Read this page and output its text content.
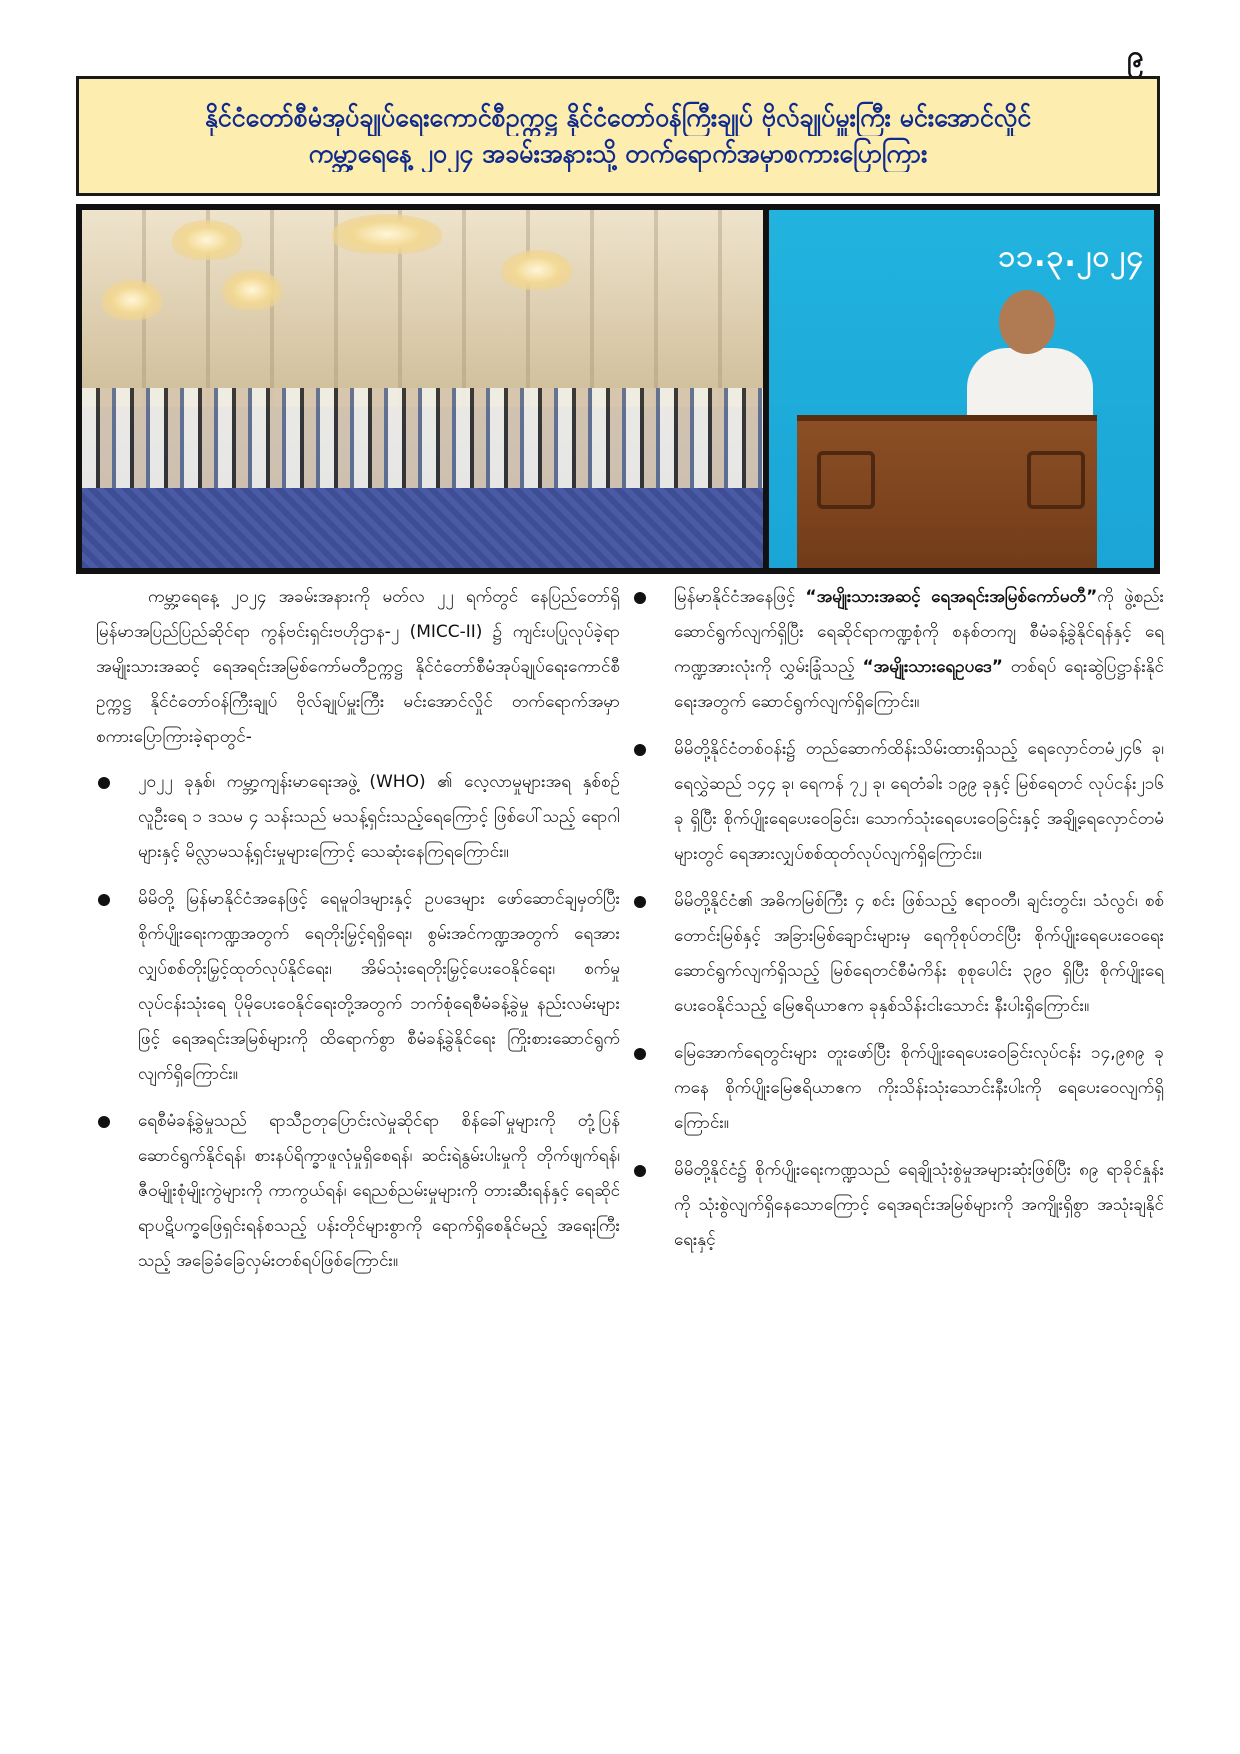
၉
နိုင်ငံတော်စီမံအုပ်ချုပ်ရေးကောင်စီဥက္ကဋ္ဌ နိုင်ငံတော်ဝန်ကြီးချုပ် ဗိုလ်ချုပ်မှူးကြီး မင်းအောင်လှိုင်
ကမ္ဘာ့ရေနေ့ ၂၀၂၄ အခမ်းအနားသို့ တက်ရောက်အမှာစကားပြောကြား
၁၁.၃.၂၀၂၄

ကမ္ဘာ့ရေနေ့ ၂၀၂၄ အခမ်းအနားကို မတ်လ ၂၂ ရက်တွင် နေပြည်တော်ရှိ မြန်မာအပြည်ပြည်ဆိုင်ရာ ကွန်ဗင်းရှင်းဗဟိုဌာန-၂ (MICC-II) ၌ ကျင်းပပြုလုပ်ခဲ့ရာ အမျိုးသားအဆင့် ရေအရင်းအမြစ်ကော်မတီဥက္ကဋ္ဌ နိုင်ငံတော်စီမံအုပ်ချုပ်ရေးကောင်စီဥက္ကဋ္ဌ နိုင်ငံတော်ဝန်ကြီးချုပ် ဗိုလ်ချုပ်မှူးကြီး မင်းအောင်လှိုင် တက်ရောက်အမှာစကားပြောကြားခဲ့ရာတွင်-

၂၀၂၂ ခုနှစ်၊ ကမ္ဘာ့ကျန်းမာရေးအဖွဲ့ (WHO) ၏ လေ့လာမှုများအရ နှစ်စဉ်လူဦးရေ ၁ ဒသမ ၄ သန်းသည် မသန့်ရှင်းသည့်ရေကြောင့် ဖြစ်ပေါ်သည့် ရောဂါများနှင့် မိလ္လာမသန့်ရှင်းမှုများကြောင့် သေဆုံးနေကြရကြောင်း။
မိမိတို့ မြန်မာနိုင်ငံအနေဖြင့် ရေမူဝါဒများနှင့် ဥပဒေများ ဖော်ဆောင်ချမှတ်ပြီး စိုက်ပျိုးရေးကဏ္ဍအတွက် ရေတိုးမြှင့်ရရှိရေး၊ စွမ်းအင်ကဏ္ဍအတွက် ရေအားလျှပ်စစ်တိုးမြှင့်ထုတ်လုပ်နိုင်ရေး၊ အိမ်သုံးရေတိုးမြှင့်ပေးဝေနိုင်ရေး၊ စက်မှုလုပ်ငန်းသုံးရေ ပိုမိုပေးဝေနိုင်ရေးတို့အတွက် ဘက်စုံရေစီမံခန့်ခွဲမှု နည်းလမ်းများဖြင့် ရေအရင်းအမြစ်များကို ထိရောက်စွာ စီမံခန့်ခွဲနိုင်ရေး ကြိုးစားဆောင်ရွက်လျက်ရှိကြောင်း။
ရေစီမံခန့်ခွဲမှုသည် ရာသီဥတုပြောင်းလဲမှုဆိုင်ရာ စိန်ခေါ်မှုများကို တုံ့ပြန်ဆောင်ရွက်နိုင်ရန်၊ စားနပ်ရိက္ခာဖူလုံမှုရှိစေရန်၊ ဆင်းရဲနွမ်းပါးမှုကို တိုက်ဖျက်ရန်၊ ဇီဝမျိုးစုံမျိုးကွဲများကို ကာကွယ်ရန်၊ ရေညစ်ညမ်းမှုများကို တားဆီးရန်နှင့် ရေဆိုင်ရာပဋိပက္ခဖြေရှင်းရန်စသည့် ပန်းတိုင်များစွာကို ရောက်ရှိစေနိုင်မည့် အရေးကြီးသည့် အခြေခံခြေလှမ်းတစ်ရပ်ဖြစ်ကြောင်း။
မြန်မာနိုင်ငံအနေဖြင့် “အမျိုးသားအဆင့် ရေအရင်းအမြစ်ကော်မတီ”ကို ဖွဲ့စည်းဆောင်ရွက်လျက်ရှိပြီး ရေဆိုင်ရာကဏ္ဍစုံကို စနစ်တကျ စီမံခန့်ခွဲနိုင်ရန်နှင့် ရေကဏ္ဍအားလုံးကို လွှမ်းခြုံသည့် “အမျိုးသားရေဥပဒေ” တစ်ရပ် ရေးဆွဲပြဋ္ဌာန်းနိုင်ရေးအတွက် ဆောင်ရွက်လျက်ရှိကြောင်း။
မိမိတို့နိုင်ငံတစ်ဝန်း၌ တည်ဆောက်ထိန်းသိမ်းထားရှိသည့် ရေလှောင်တမံ၂၄၆ ခု၊ ရေလွှဲဆည် ၁၄၄ ခု၊ ရေကန် ၇၂ ခု၊ ရေတံခါး ၁၉၉ ခုနှင့် မြစ်ရေတင် လုပ်ငန်း၂၁၆ ခု ရှိပြီး စိုက်ပျိုးရေပေးဝေခြင်း၊ သောက်သုံးရေပေးဝေခြင်းနှင့် အချို့ရေလှောင်တမံများတွင် ရေအားလျှပ်စစ်ထုတ်လုပ်လျက်ရှိကြောင်း။
မိမိတို့နိုင်ငံ၏ အဓိကမြစ်ကြီး ၄ စင်း ဖြစ်သည့် ဧရာဝတီ၊ ချင်းတွင်း၊ သံလွင်၊ စစ်တောင်းမြစ်နှင့် အခြားမြစ်ချောင်းများမှ ရေကိုစုပ်တင်ပြီး စိုက်ပျိုးရေပေးဝေရေး ဆောင်ရွက်လျက်ရှိသည့် မြစ်ရေတင်စီမံကိန်း စုစုပေါင်း ၃၉၀ ရှိပြီး စိုက်ပျိုးရေ ပေးဝေနိုင်သည့် မြေဧရိယာဧက ခုနှစ်သိန်းငါးသောင်း နီးပါးရှိကြောင်း။
မြေအောက်ရေတွင်းများ တူးဖော်ပြီး စိုက်ပျိုးရေပေးဝေခြင်းလုပ်ငန်း ၁၄,၉၈၉ ခု ကနေ စိုက်ပျိုးမြေဧရိယာဧက ကိုးသိန်းသုံးသောင်းနီးပါးကို ရေပေးဝေလျက်ရှိကြောင်း။
မိမိတို့နိုင်ငံ၌ စိုက်ပျိုးရေးကဏ္ဍသည် ရေချိုသုံးစွဲမှုအများဆုံးဖြစ်ပြီး ၈၉ ရာခိုင်နှုန်းကို သုံးစွဲလျက်ရှိနေသောကြောင့် ရေအရင်းအမြစ်များကို အကျိုးရှိစွာ အသုံးချနိုင်ရေးနှင့်
